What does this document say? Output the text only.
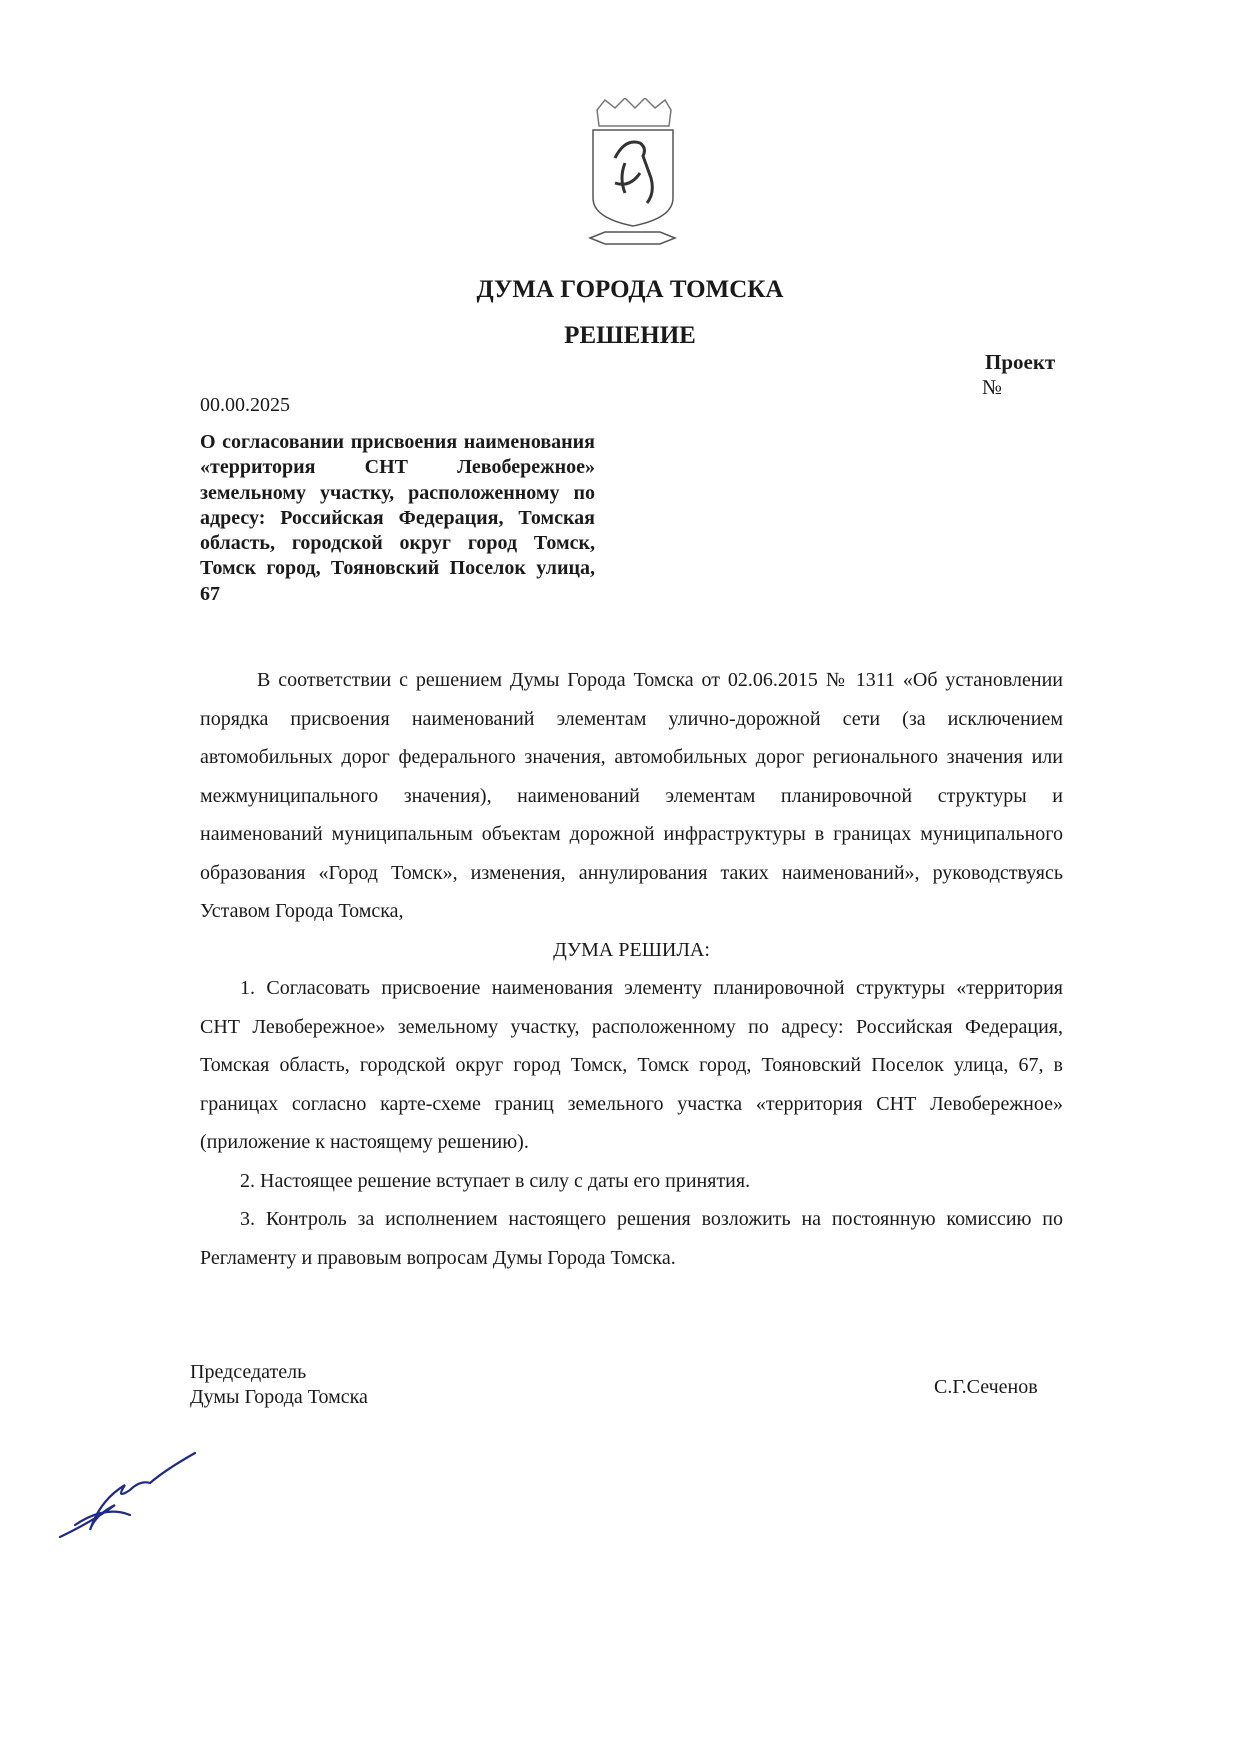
ДУМА ГОРОДА ТОМСКА
РЕШЕНИЕ
Проект
№
00.00.2025
О согласовании присвоения наименования «территория СНТ Левобережное» земельному участку, расположенному по адресу: Российская Федерация, Томская область, городской округ город Томск, Томск город, Тояновский Поселок улица, 67

В соответствии с решением Думы Города Томска от 02.06.2015 № 1311 «Об установлении порядка присвоения наименований элементам улично-дорожной сети (за исключением автомобильных дорог федерального значения, автомобильных дорог регионального значения или межмуниципального значения), наименований элементам планировочной структуры и наименований муниципальным объектам дорожной инфраструктуры в границах муниципального образования «Город Томск», изменения, аннулирования таких наименований», руководствуясь Уставом Города Томска,

ДУМА РЕШИЛА:

1. Согласовать присвоение наименования элементу планировочной структуры «территория СНТ Левобережное» земельному участку, расположенному по адресу: Российская Федерация, Томская область, городской округ город Томск, Томск город, Тояновский Поселок улица, 67, в границах согласно карте-схеме границ земельного участка «территория СНТ Левобережное» (приложение к настоящему решению).

2. Настоящее решение вступает в силу с даты его принятия.

3. Контроль за исполнением настоящего решения возложить на постоянную комиссию по Регламенту и правовым вопросам Думы Города Томска.

Председатель
Думы Города Томска	С.Г.Сеченов
